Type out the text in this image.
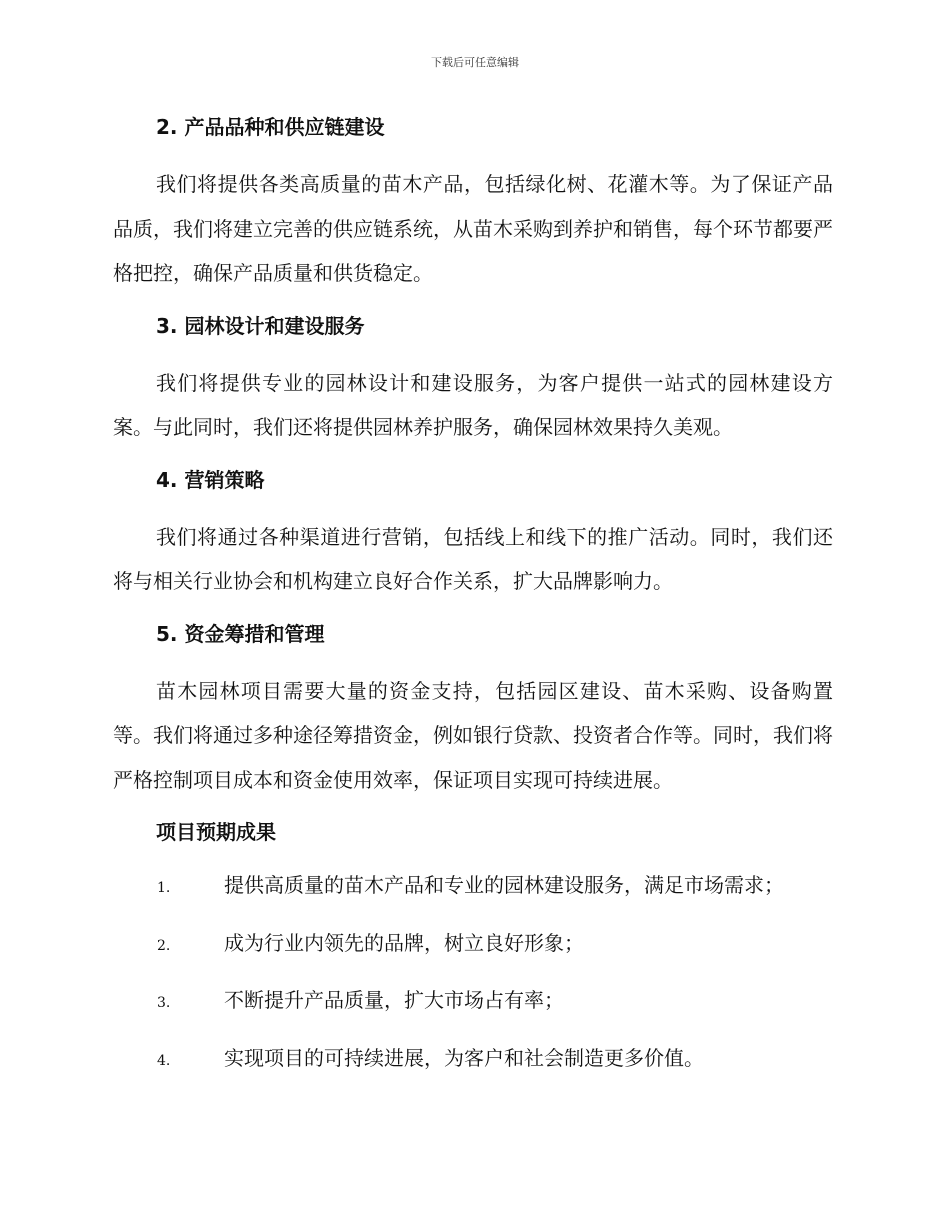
下载后可任意编辑
2. 产品品种和供应链建设

我们将提供各类高质量的苗木产品，包括绿化树、花灌木等。为了保证产品品质，我们将建立完善的供应链系统，从苗木采购到养护和销售，每个环节都要严格把控，确保产品质量和供货稳定。

3. 园林设计和建设服务

我们将提供专业的园林设计和建设服务，为客户提供一站式的园林建设方案。与此同时，我们还将提供园林养护服务，确保园林效果持久美观。

4. 营销策略

我们将通过各种渠道进行营销，包括线上和线下的推广活动。同时，我们还将与相关行业协会和机构建立良好合作关系，扩大品牌影响力。

5. 资金筹措和管理

苗木园林项目需要大量的资金支持，包括园区建设、苗木采购、设备购置等。我们将通过多种途径筹措资金，例如银行贷款、投资者合作等。同时，我们将严格控制项目成本和资金使用效率，保证项目实现可持续进展。

项目预期成果
1.	提供高质量的苗木产品和专业的园林建设服务，满足市场需求；
2.	成为行业内领先的品牌，树立良好形象；
3.	不断提升产品质量，扩大市场占有率；
4.	实现项目的可持续进展，为客户和社会制造更多价值。
